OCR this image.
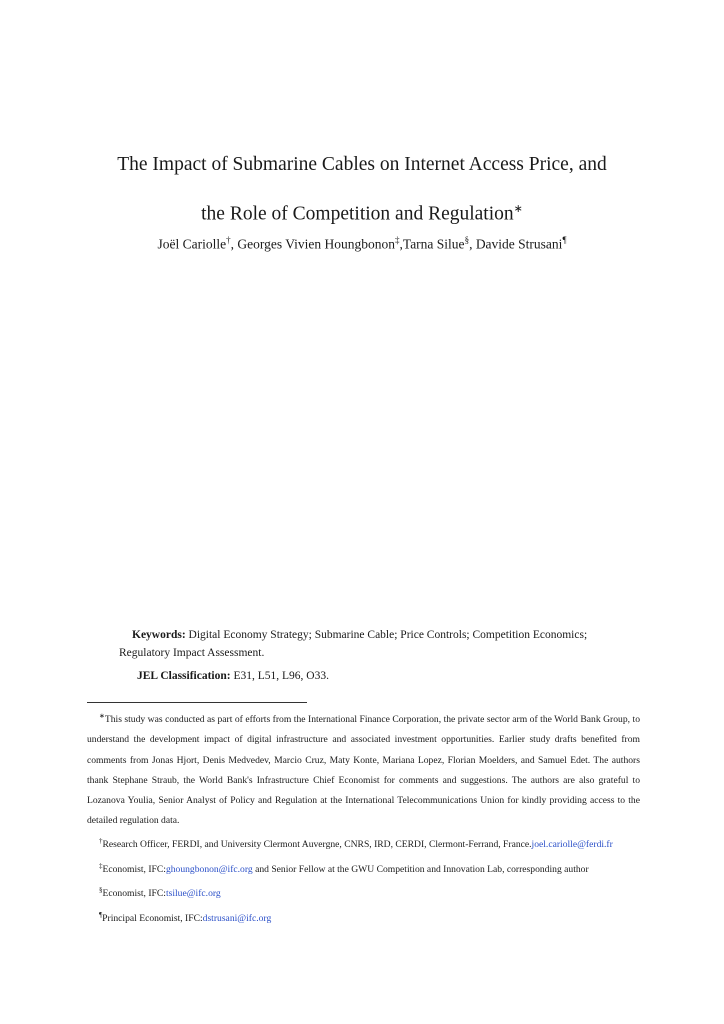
The Impact of Submarine Cables on Internet Access Price, and
the Role of Competition and Regulation∗
Joël Cariolle†, Georges Vivien Houngbonon‡,Tarna Silue§, Davide Strusani¶
Keywords: Digital Economy Strategy; Submarine Cable; Price Controls; Competition Economics; Regulatory Impact Assessment.
JEL Classification: E31, L51, L96, O33.

∗This study was conducted as part of efforts from the International Finance Corporation, the private sector arm of the World Bank Group, to understand the development impact of digital infrastructure and associated investment opportunities. Earlier study drafts benefited from comments from Jonas Hjort, Denis Medvedev, Marcio Cruz, Maty Konte, Mariana Lopez, Florian Moelders, and Samuel Edet. The authors thank Stephane Straub, the World Bank's Infrastructure Chief Economist for comments and suggestions. The authors are also grateful to Lozanova Youlia, Senior Analyst of Policy and Regulation at the International Telecommunications Union for kindly providing access to the detailed regulation data.

†Research Officer, FERDI, and University Clermont Auvergne, CNRS, IRD, CERDI, Clermont-Ferrand, France.joel.cariolle@ferdi.fr

‡Economist, IFC:ghoungbonon@ifc.org and Senior Fellow at the GWU Competition and Innovation Lab, corresponding author

§Economist, IFC:tsilue@ifc.org

¶Principal Economist, IFC:dstrusani@ifc.org
